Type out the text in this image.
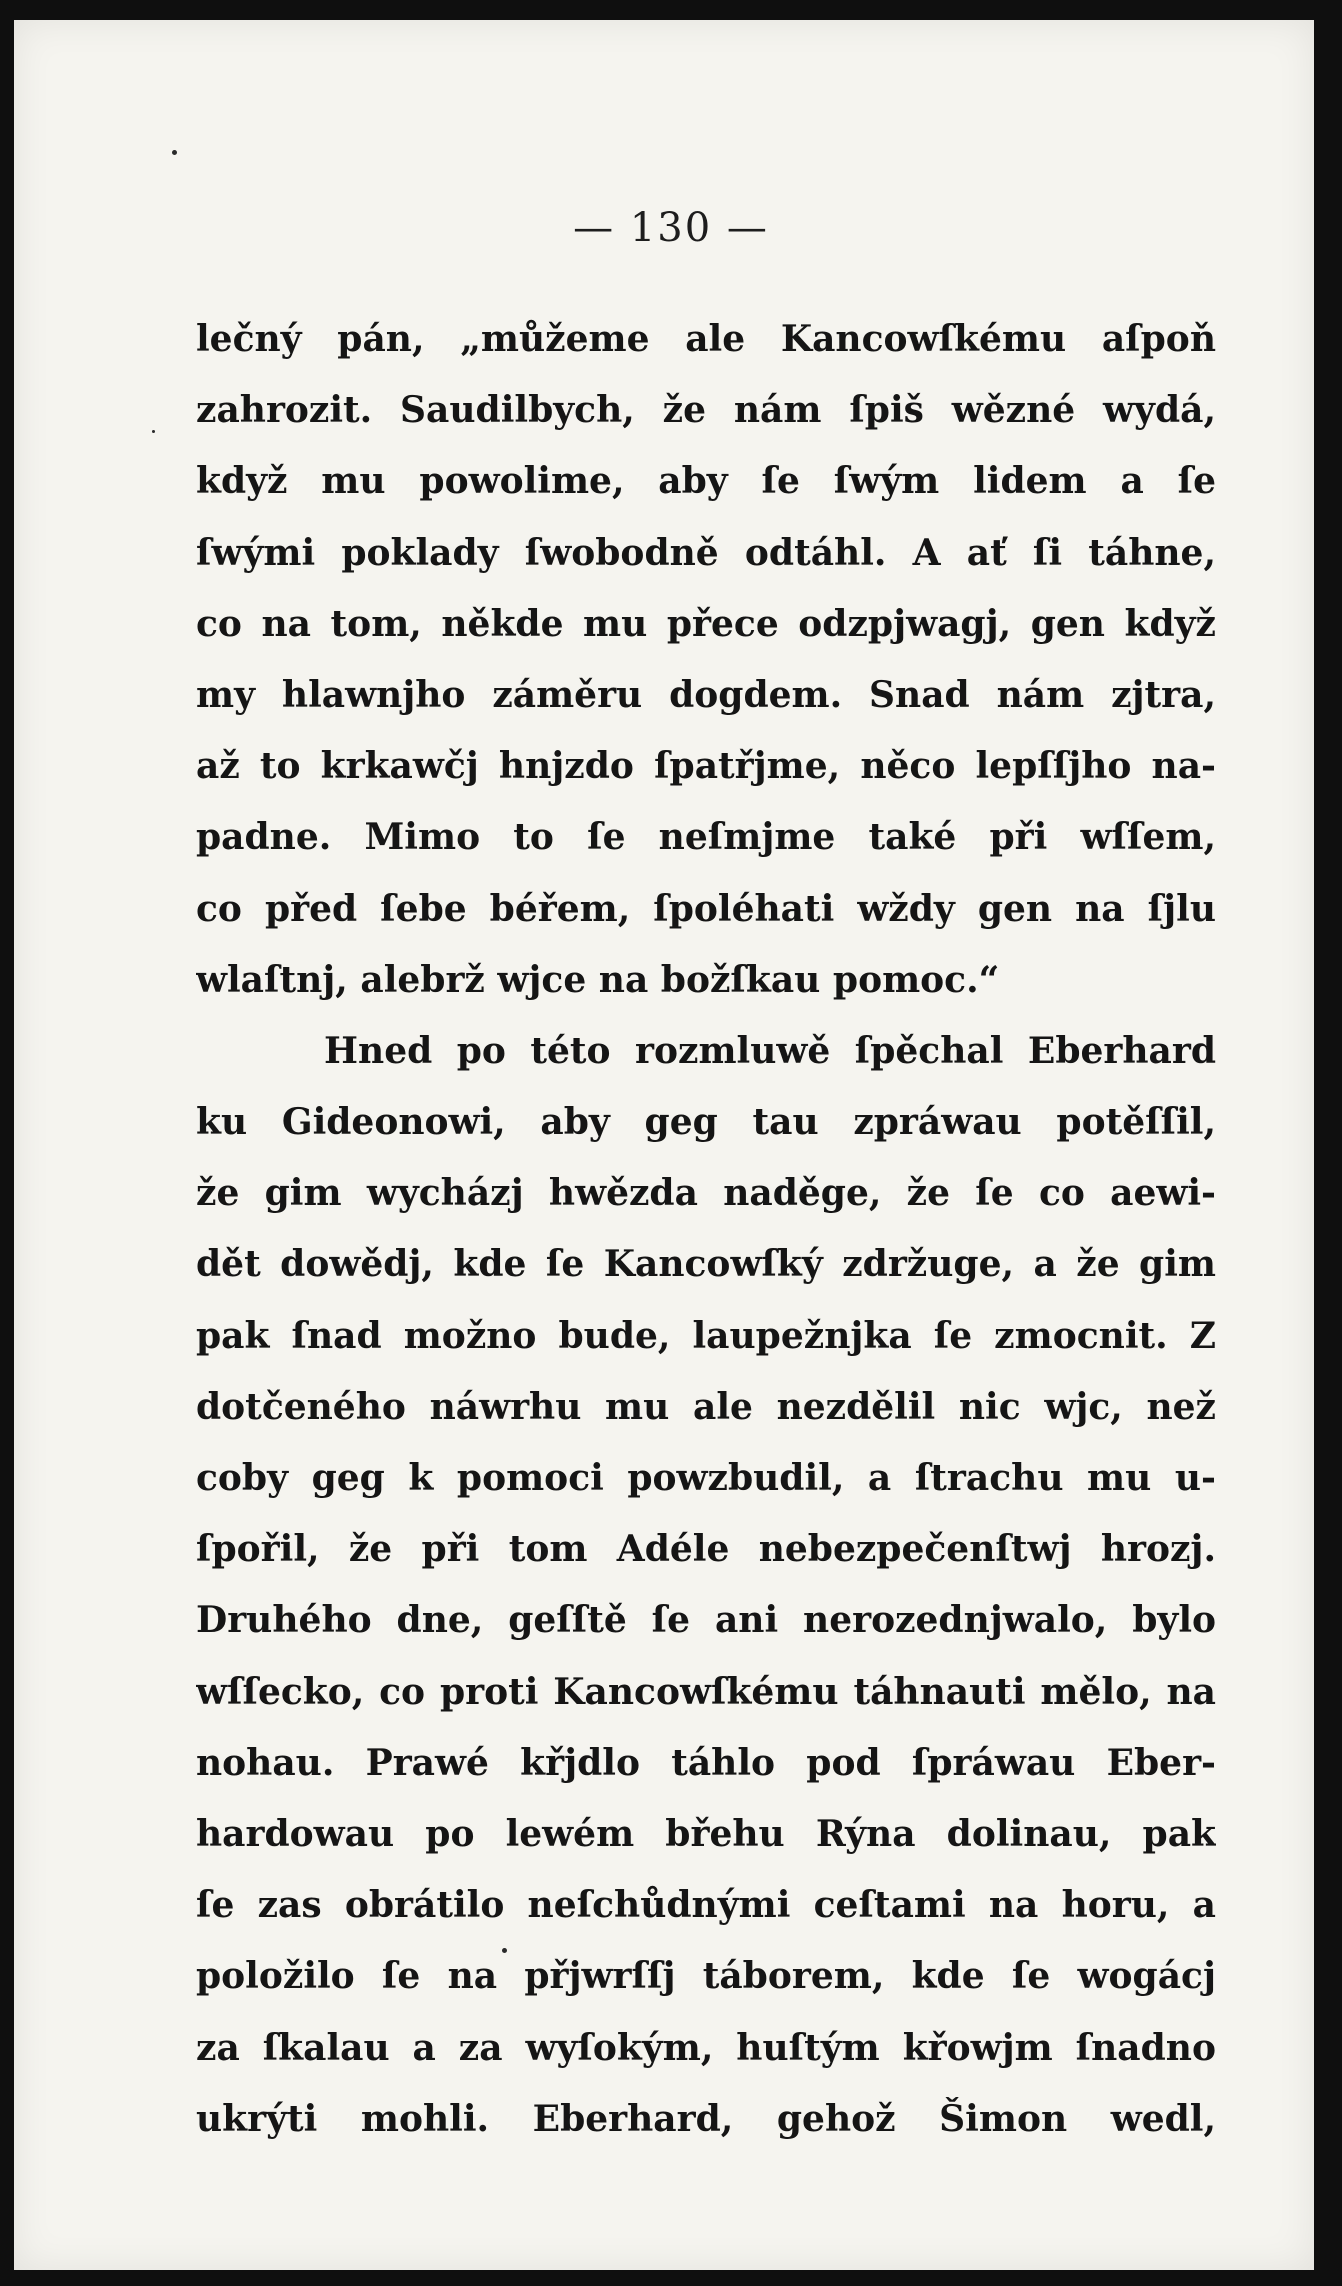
— 130 —
lečný pán, „můžeme ale Kancowſkému aſpoň
zahrozit. Saudilbych, že nám ſpiš wězné wydá,
když mu powolime, aby ſe ſwým lidem a ſe
ſwými poklady ſwobodně odtáhl. A ať ſi táhne,
co na tom, někde mu přece odzpjwagj, gen když
my hlawnjho záměru dogdem. Snad nám zjtra,
až to krkawčj hnjzdo ſpatřjme, něco lepſſjho na-
padne. Mimo to ſe neſmjme také při wſſem,
co před ſebe béřem, ſpoléhati wždy gen na ſjlu
wlaſtnj, alebrž wjce na božſkau pomoc.“
Hned po této rozmluwě ſpěchal Eberhard
ku Gideonowi, aby geg tau zpráwau potěſſil,
že gim wycházj hwězda naděge, že ſe co aewi-
dět dowědj, kde ſe Kancowſký zdržuge, a že gim
pak ſnad možno bude, laupežnjka ſe zmocnit. Z
dotčeného náwrhu mu ale nezdělil nic wjc, než
coby geg k pomoci powzbudil, a ſtrachu mu u-
ſpořil, že při tom Adéle nebezpečenſtwj hrozj.
Druhého dne, geſſtě ſe ani nerozednjwalo, bylo
wſſecko, co proti Kancowſkému táhnauti mělo, na
nohau. Prawé křjdlo táhlo pod ſpráwau Eber-
hardowau po lewém břehu Rýna dolinau, pak
ſe zas obrátilo neſchůdnými ceſtami na horu, a
položilo ſe na přjwrſſj táborem, kde ſe wogácj
za ſkalau a za wyſokým, huſtým křowjm ſnadno
ukrýti mohli. Eberhard, gehož Šimon wedl,
